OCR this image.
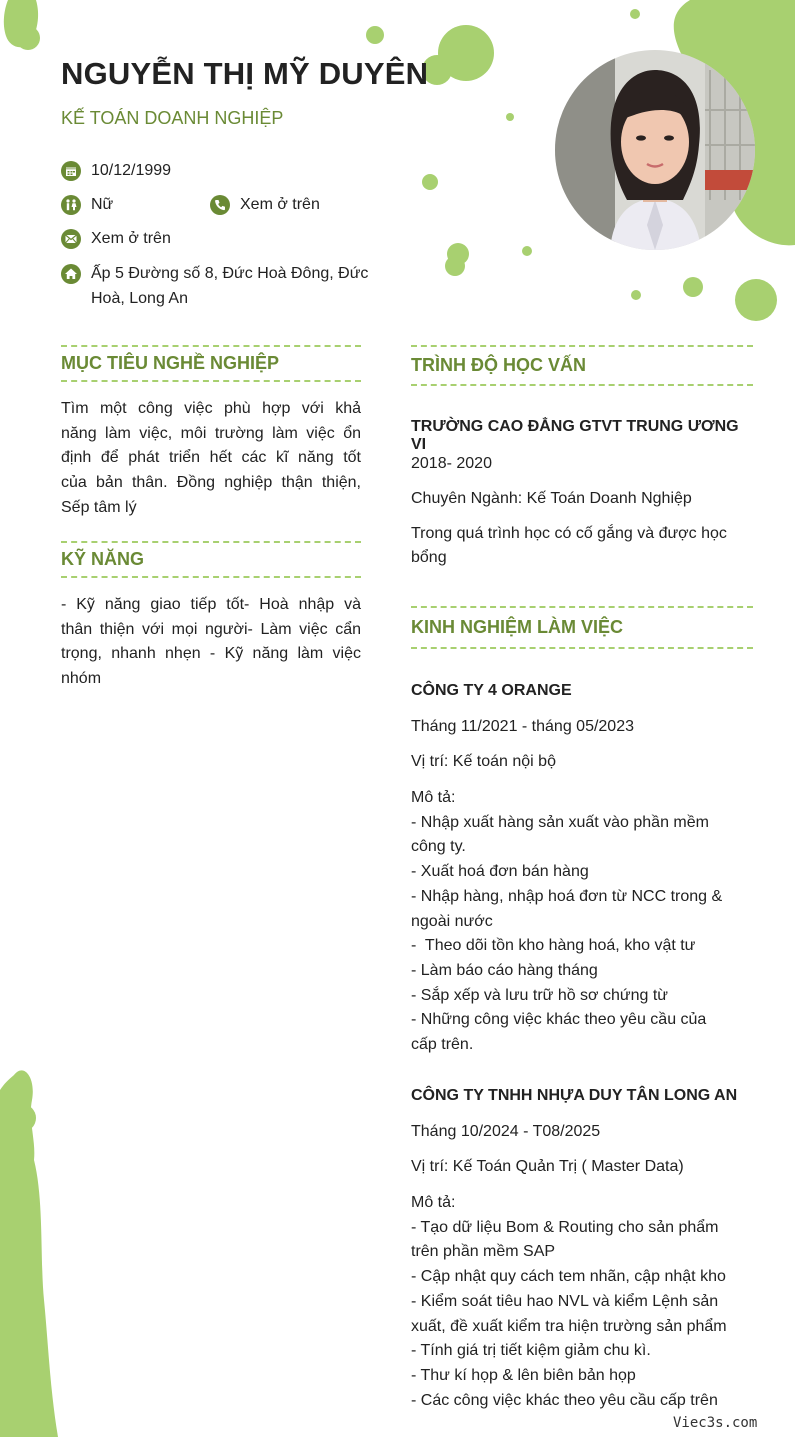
NGUYỄN THỊ MỸ DUYÊN
KẾ TOÁN DOANH NGHIỆP
10/12/1999
Nữ	Xem ở trên
Xem ở trên
Ấp 5 Đường số 8, Đức Hoà Đông, Đức
Hoà, Long An
MỤC TIÊU NGHỀ NGHIỆP
Tìm một công việc phù hợp với khả
năng làm việc, môi trường làm việc ổn
định để phát triển hết các kĩ năng tốt
của bản thân. Đồng nghiệp thận thiện,
Sếp tâm lý
KỸ NĂNG
- Kỹ năng giao tiếp tốt- Hoà nhập và
thân thiện với mọi người- Làm việc cẩn
trọng, nhanh nhẹn - Kỹ năng làm việc
nhóm
TRÌNH ĐỘ HỌC VẤN
TRƯỜNG CAO ĐẲNG GTVT TRUNG ƯƠNG VI
2018- 2020
Chuyên Ngành: Kế Toán Doanh Nghiệp
Trong quá trình học có cố gắng và được học
bổng
KINH NGHIỆM LÀM VIỆC
CÔNG TY 4 ORANGE
Tháng 11/2021 - tháng 05/2023
Vị trí: Kế toán nội bộ
Mô tả:
- Nhập xuất hàng sản xuất vào phần mềm
công ty.
- Xuất hoá đơn bán hàng
- Nhập hàng, nhập hoá đơn từ NCC trong &
ngoài nước
-  Theo dõi tồn kho hàng hoá, kho vật tư
- Làm báo cáo hàng tháng
- Sắp xếp và lưu trữ hồ sơ chứng từ
- Những công việc khác theo yêu cầu của
cấp trên.
CÔNG TY TNHH NHỰA DUY TÂN LONG AN
Tháng 10/2024 - T08/2025
Vị trí: Kế Toán Quản Trị ( Master Data)
Mô tả:
- Tạo dữ liệu Bom & Routing cho sản phẩm
trên phần mềm SAP
- Cập nhật quy cách tem nhãn, cập nhật kho
- Kiểm soát tiêu hao NVL và kiểm Lệnh sản
xuất, đề xuất kiểm tra hiện trường sản phẩm
- Tính giá trị tiết kiệm giảm chu kì.
- Thư kí họp & lên biên bản họp
- Các công việc khác theo yêu cầu cấp trên
Viec3s.com
